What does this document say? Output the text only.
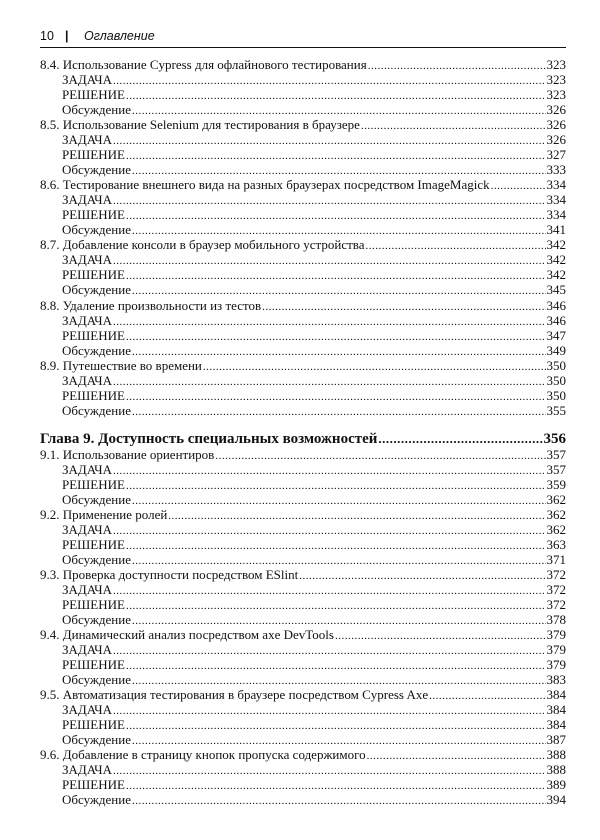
10 | Оглавление
8.4. Использование Cypress для офлайнового тестирования .....	323
ЗАДАЧА .....	323
РЕШЕНИЕ .....	323
Обсуждение .....	326
8.5. Использование Selenium для тестирования в браузере .....	326
ЗАДАЧА .....	326
РЕШЕНИЕ .....	327
Обсуждение .....	333
8.6. Тестирование внешнего вида на разных браузерах посредством ImageMagick .....	334
ЗАДАЧА .....	334
РЕШЕНИЕ .....	334
Обсуждение .....	341
8.7. Добавление консоли в браузер мобильного устройства .....	342
ЗАДАЧА .....	342
РЕШЕНИЕ .....	342
Обсуждение .....	345
8.8. Удаление произвольности из тестов .....	346
ЗАДАЧА .....	346
РЕШЕНИЕ .....	347
Обсуждение .....	349
8.9. Путешествие во времени .....	350
ЗАДАЧА .....	350
РЕШЕНИЕ .....	350
Обсуждение .....	355
Глава 9. Доступность специальных возможностей .....	356
9.1. Использование ориентиров .....	357
ЗАДАЧА .....	357
РЕШЕНИЕ .....	359
Обсуждение .....	362
9.2. Применение ролей .....	362
ЗАДАЧА .....	362
РЕШЕНИЕ .....	363
Обсуждение .....	371
9.3. Проверка доступности посредством ESlint .....	372
ЗАДАЧА .....	372
РЕШЕНИЕ .....	372
Обсуждение .....	378
9.4. Динамический анализ посредством axe DevTools .....	379
ЗАДАЧА .....	379
РЕШЕНИЕ .....	379
Обсуждение .....	383
9.5. Автоматизация тестирования в браузере посредством Cypress Axe .....	384
ЗАДАЧА .....	384
РЕШЕНИЕ .....	384
Обсуждение .....	387
9.6. Добавление в страницу кнопок пропуска содержимого .....	388
ЗАДАЧА .....	388
РЕШЕНИЕ .....	389
Обсуждение .....	394
